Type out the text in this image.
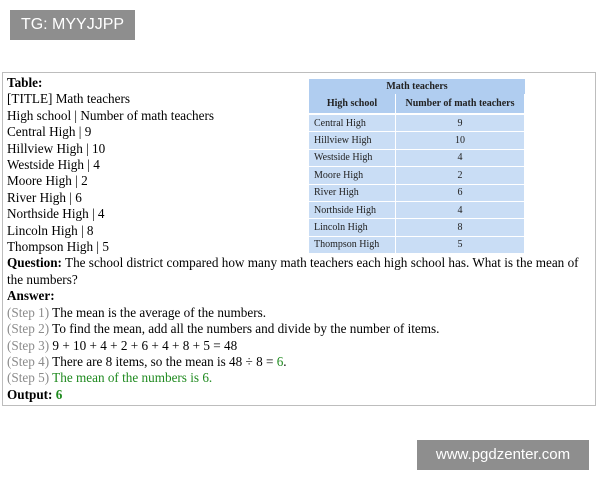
TG: MYYJJPP
Table:
[TITLE] Math teachers
High school | Number of math teachers
Central High | 9
Hillview High | 10
Westside High | 4
Moore High | 2
River High | 6
Northside High | 4
Lincoln High | 8
Thompson High | 5
Question: The school district compared how many math teachers each high school has. What is the mean of the numbers?
Answer:
(Step 1) The mean is the average of the numbers.
(Step 2) To find the mean, add all the numbers and divide by the number of items.
(Step 3) 9 + 10 + 4 + 2 + 6 + 4 + 8 + 5 = 48
(Step 4) There are 8 items, so the mean is 48 ÷ 8 = 6.
(Step 5) The mean of the numbers is 6.
Output: 6
Math teachers
High school	Number of math teachers
Central High	9
Hillview High	10
Westside High	4
Moore High	2
River High	6
Northside High	4
Lincoln High	8
Thompson High	5
www.pgdzenter.com
